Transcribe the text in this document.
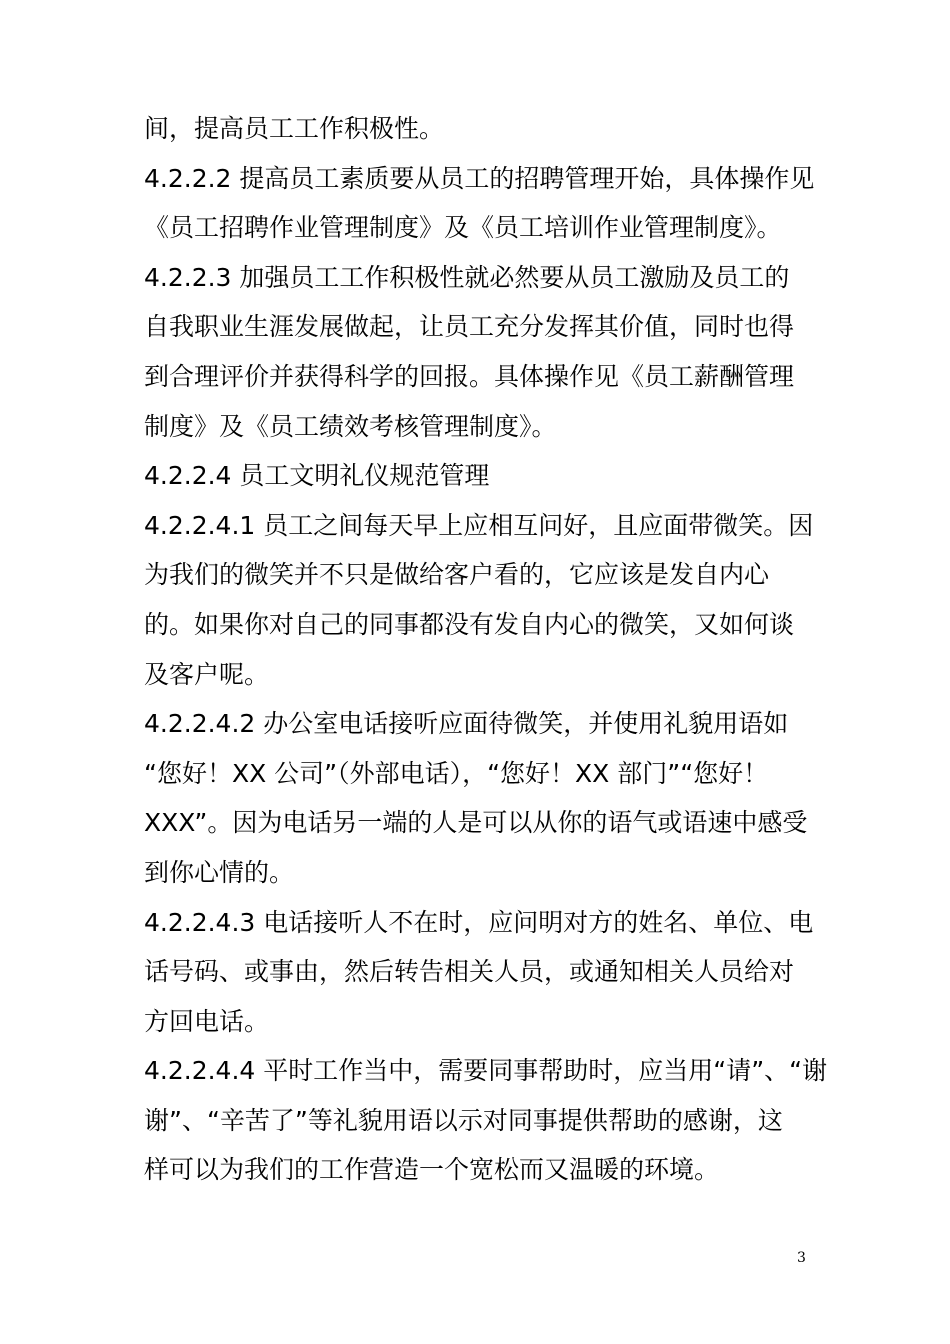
间，提高员工工作积极性。
4.2.2.2 提高员工素质要从员工的招聘管理开始，具体操作见
《员工招聘作业管理制度》及《员工培训作业管理制度》。
4.2.2.3 加强员工工作积极性就必然要从员工激励及员工的
自我职业生涯发展做起，让员工充分发挥其价值，同时也得
到合理评价并获得科学的回报。具体操作见《员工薪酬管理
制度》及《员工绩效考核管理制度》。
4.2.2.4 员工文明礼仪规范管理
4.2.2.4.1 员工之间每天早上应相互问好，且应面带微笑。因
为我们的微笑并不只是做给客户看的，它应该是发自内心
的。如果你对自己的同事都没有发自内心的微笑，又如何谈
及客户呢。
4.2.2.4.2 办公室电话接听应面待微笑，并使用礼貌用语如
“您好！XX 公司”（外部电话），“您好！XX 部门”“您好！
XXX”。因为电话另一端的人是可以从你的语气或语速中感受
到你心情的。
4.2.2.4.3 电话接听人不在时，应问明对方的姓名、单位、电
话号码、或事由，然后转告相关人员，或通知相关人员给对
方回电话。
4.2.2.4.4 平时工作当中，需要同事帮助时，应当用“请”、“谢
谢”、“辛苦了”等礼貌用语以示对同事提供帮助的感谢，这
样可以为我们的工作营造一个宽松而又温暖的环境。
3
